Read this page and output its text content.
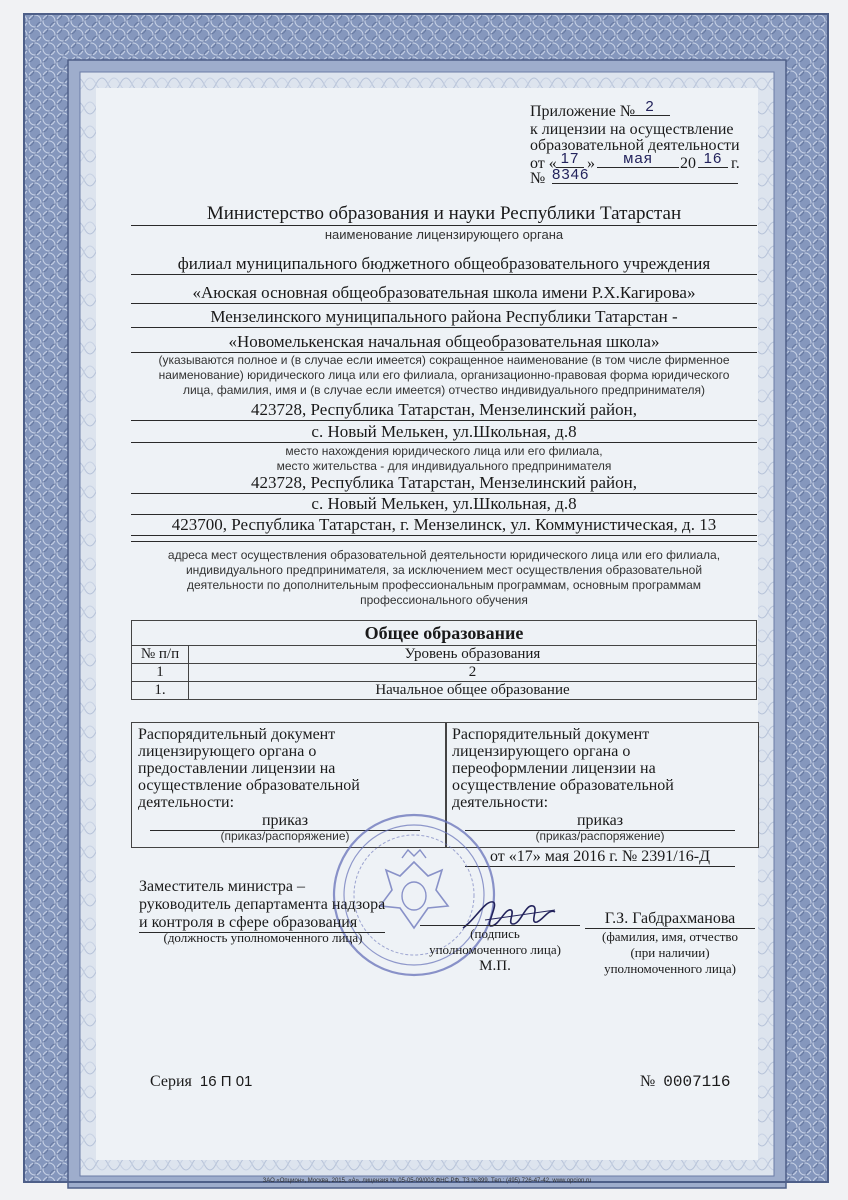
Приложение № 2
к лицензии на осуществление
образовательной деятельности
от « 17 »	мая	20 16 г.
№ 8346
Министерство образования и науки Республики Татарстан
наименование лицензирующего органа
филиал муниципального бюджетного общеобразовательного учреждения
«Аюская основная общеобразовательная школа имени Р.Х.Кагирова»
Мензелинского муниципального района Республики Татарстан -
«Новомелькенская начальная общеобразовательная школа»
(указываются полное и (в случае если имеется) сокращенное наименование (в том числе фирменное
наименование) юридического лица или его филиала, организационно-правовая форма юридического
лица, фамилия, имя и (в случае если имеется) отчество индивидуального предпринимателя)
423728, Республика Татарстан, Мензелинский район,
с. Новый Мелькен, ул.Школьная, д.8
место нахождения юридического лица или его филиала,
место жительства - для индивидуального предпринимателя
423728, Республика Татарстан, Мензелинский район,
с. Новый Мелькен, ул.Школьная, д.8
423700, Республика Татарстан, г. Мензелинск, ул. Коммунистическая, д. 13
адреса мест осуществления образовательной деятельности юридического лица или его филиала,
индивидуального предпринимателя, за исключением мест осуществления образовательной
деятельности по дополнительным профессиональным программам, основным программам
профессионального обучения
Общее образование	
№ п/п	Уровень образования
1	2
1.	Начальное общее образование
Распорядительный документ
лицензирующего органа о
предоставлении лицензии на
осуществление образовательной
деятельности:
приказ
(приказ/распоряжение)
Распорядительный документ
лицензирующего органа о
переоформлении лицензии на
осуществление образовательной
деятельности:
приказ
(приказ/распоряжение)
от «17» мая 2016 г. № 2391/16-Д
Заместитель министра –
руководитель департамента надзора
и контроля в сфере образования
(должность уполномоченного лица)	(подпись
уполномоченного лица)
М.П.
Г.З. Габдрахманова
(фамилия, имя, отчество
(при наличии)
уполномоченного лица)
Серия 16 П 01	№ 0007116
ЗАО «Опцион», Москва, 2015, «А», лицензия № 05-05-09/003 ФНС РФ, ТЗ №399. Тел.: (495) 726-47-42, www.opcion.ru
